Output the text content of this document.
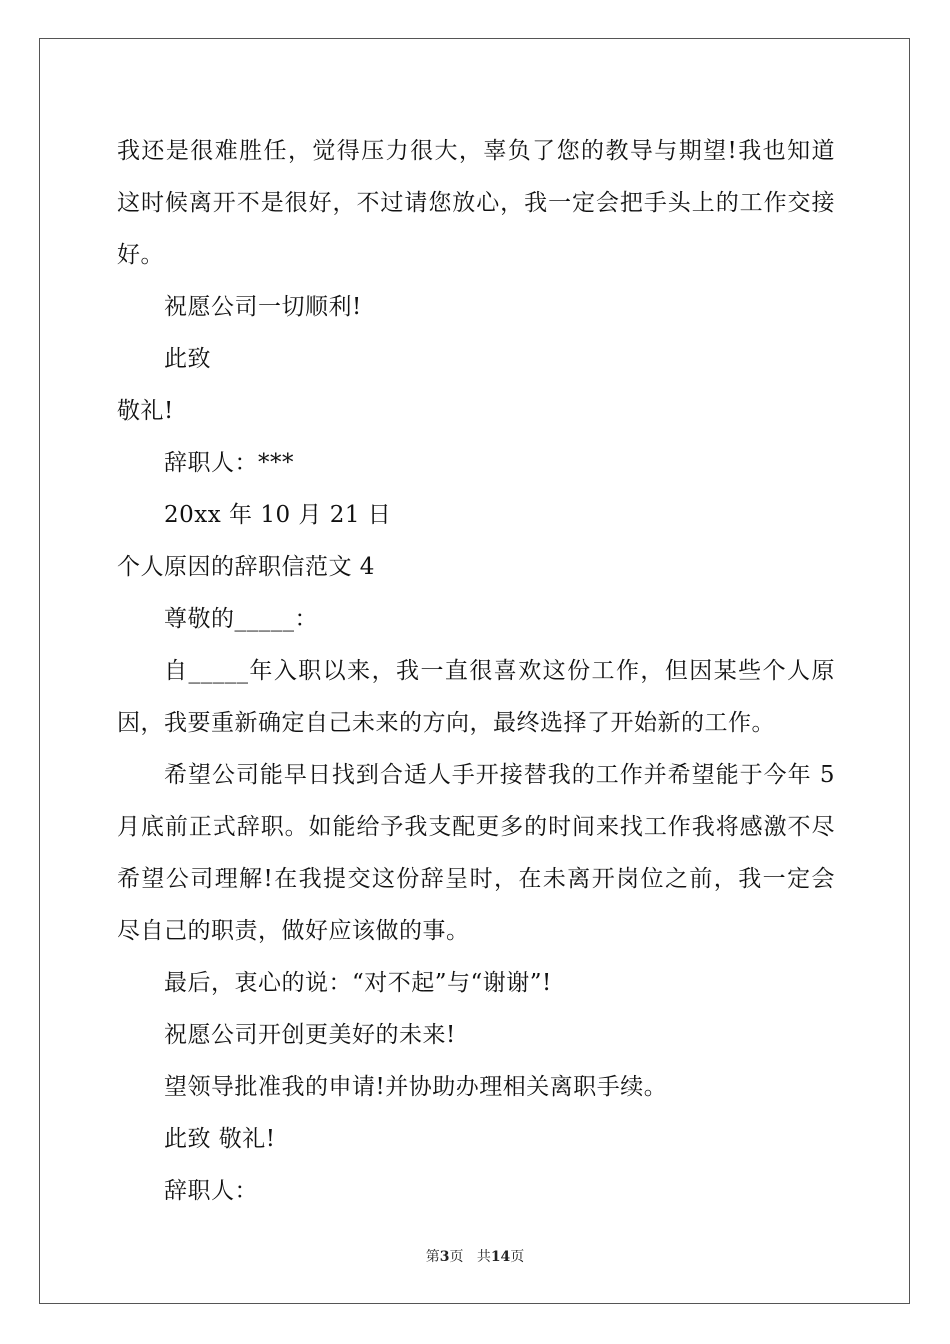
我还是很难胜任，觉得压力很大，辜负了您的教导与期望!我也知道
这时候离开不是很好，不过请您放心，我一定会把手头上的工作交接
好。
祝愿公司一切顺利!
此致
敬礼!
辞职人：***
20xx 年 10 月 21 日
个人原因的辞职信范文 4
尊敬的_____：
自_____年入职以来，我一直很喜欢这份工作，但因某些个人原
因，我要重新确定自己未来的方向，最终选择了开始新的工作。
希望公司能早日找到合适人手开接替我的工作并希望能于今年 5
月底前正式辞职。如能给予我支配更多的时间来找工作我将感激不尽
希望公司理解!在我提交这份辞呈时，在未离开岗位之前，我一定会
尽自己的职责，做好应该做的事。
最后，衷心的说：“对不起”与“谢谢”!
祝愿公司开创更美好的未来!
望领导批准我的申请!并协助办理相关离职手续。
此致 敬礼!
辞职人：
第3页 共14页
